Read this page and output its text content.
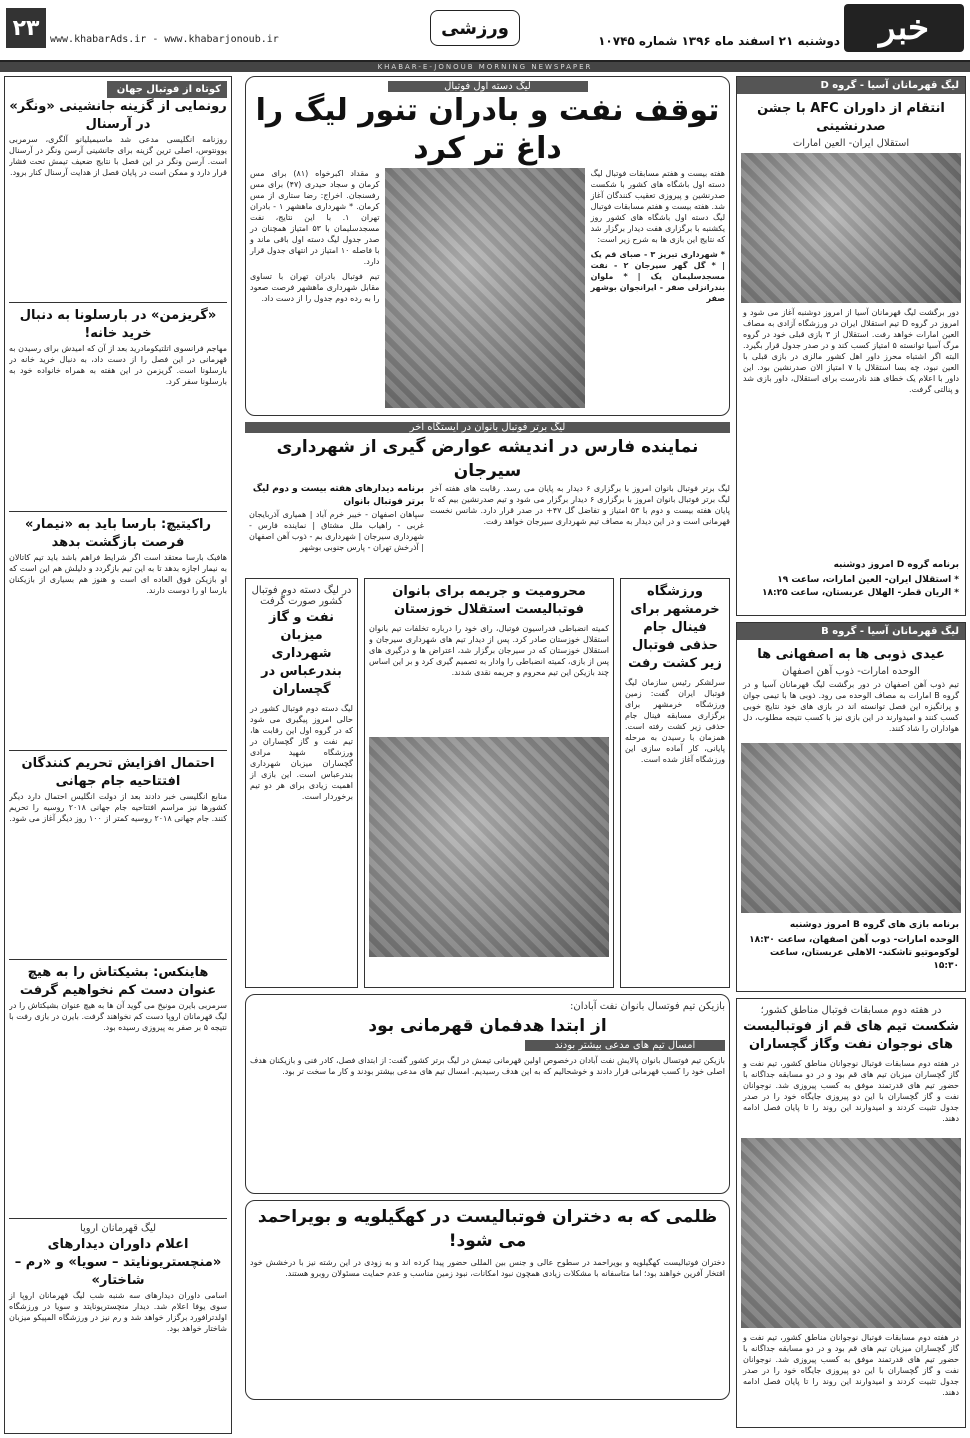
۲۳	www.khabarAds.ir - www.khabarjonoub.ir
ورزشی
دوشنبه ۲۱ اسفند ماه ۱۳۹۶ شماره ۱۰۷۴۵	خبر
KHABAR-E-JONOUB MORNING NEWSPAPER
لیگ قهرمانان آسیا - گروه D
انتقام از داوران AFC با جشن صدرنشینی
استقلال ایران- العین امارات
دور برگشت لیگ قهرمانان آسیا از امروز دوشنبه آغاز می شود و امروز در گروه D تیم استقلال ایران در ورزشگاه آزادی به مصاف العین امارات خواهد رفت. استقلال از ۳ بازی قبلی خود در گروه مرگ آسیا توانسته ۵ امتیاز کسب کند و در صدر جدول قرار بگیرد. البته اگر اشتباه محرز داور اهل کشور مالزی در بازی قبلی با العین نبود، چه بسا استقلال با ۷ امتیاز الان صدرنشین بود. این داور با اعلام یک خطای هند نادرست برای استقلال، داور بازی شد و پنالتی گرفت.
برنامه گروه D امروز دوشنبه
* استقلال ایران- العین امارات، ساعت ۱۹
* الریان قطر- الهلال عربستان، ساعت ۱۸:۲۵
لیگ قهرمانان آسیا - گروه B
عیدی ذوبی ها به اصفهانی ها
الوحده امارات- ذوب آهن اصفهان
تیم ذوب آهن اصفهان در دور برگشت لیگ قهرمانان آسیا و در گروه B امارات به مصاف الوحده می رود. ذوبی ها با تیمی جوان و پرانگیزه این فصل توانسته اند در بازی های خود نتایج خوبی کسب کنند و امیدوارند در این بازی نیز با کسب نتیجه مطلوب، دل هواداران را شاد کنند.
برنامه بازی های گروه B امروز دوشنبه
الوحده امارات- ذوب آهن اصفهان، ساعت ۱۸:۳۰
لوکوموتیو تاشکند- الاهلی عربستان، ساعت ۱۵:۳۰
در هفته دوم مسابقات فوتبال مناطق کشور؛
شکست تیم های قم از فوتبالیست های نوجوان نفت وگاز گچساران
در هفته دوم مسابقات فوتبال نوجوانان مناطق کشور، تیم نفت و گاز گچساران میزبان تیم های قم بود و در دو مسابقه جداگانه با حضور تیم های قدرتمند موفق به کسب پیروزی شد. نوجوانان نفت و گاز گچساران با این دو پیروزی جایگاه خود را در صدر جدول تثبیت کردند و امیدوارند این روند را تا پایان فصل ادامه دهند.
در هفته دوم مسابقات فوتبال نوجوانان مناطق کشور، تیم نفت و گاز گچساران میزبان تیم های قم بود و در دو مسابقه جداگانه با حضور تیم های قدرتمند موفق به کسب پیروزی شد. نوجوانان نفت و گاز گچساران با این دو پیروزی جایگاه خود را در صدر جدول تثبیت کردند و امیدوارند این روند را تا پایان فصل ادامه دهند.
لیگ دسته اول فوتبال
توقف نفت و بادران تنور لیگ را داغ تر کرد
هفته بیست و هفتم مسابقات فوتبال لیگ دسته اول باشگاه های کشور با شکست صدرنشین و پیروزی تعقیب کنندگان آغاز شد. هفته بیست و هفتم مسابقات فوتبال لیگ دسته اول باشگاه های کشور روز یکشنبه با برگزاری هفت دیدار برگزار شد که نتایج این بازی ها به شرح زیر است:
* شهرداری تبریز ۳ - صبای قم یک | * گل گهر سیرجان ۲ - نفت مسجدسلیمان یک | * ملوان بندرانزلی صفر - ایرانجوان بوشهر صفر
و مقداد اکبرخواه (۸۱) برای مس کرمان و سجاد حیدری (۴۷) برای مس رفسنجان. اخراج: رضا ستاری از مس کرمان. * شهرداری ماهشهر ۱ - بادران تهران ۱. با این نتایج، نفت مسجدسلیمان با ۵۳ امتیاز همچنان در صدر جدول لیگ دسته اول باقی ماند و با فاصله ۱۰ امتیاز در انتهای جدول قرار دارد.
تیم فوتبال بادران تهران با تساوی مقابل شهرداری ماهشهر فرصت صعود را به رده دوم جدول را از دست داد.
لیگ برتر فوتبال بانوان در ایستگاه آخر
نماینده فارس در اندیشه عوارض گیری از شهرداری سیرجان
لیگ برتر فوتبال بانوان امروز با برگزاری ۶ دیدار به پایان می رسد. رقابت های هفته آخر لیگ برتر فوتبال بانوان امروز با برگزاری ۶ دیدار برگزار می شود و تیم صدرنشین بیم که تا پایان هفته بیست و دوم با ۵۳ امتیاز و تفاضل گل ۴۷+ در صدر قرار دارد. شانس نخست قهرمانی است و در این دیدار به مصاف تیم شهرداری سیرجان خواهد رفت.
برنامه دیدارهای هفته بیست و دوم لیگ برتر فوتبال بانوان
سپاهان اصفهان - خیبر خرم آباد | همیاری آذربایجان غربی - راهیاب ملل مشتاق | نماینده فارس - شهرداری سیرجان | شهرداری بم - ذوب آهن اصفهان | آذرخش تهران - پارس جنوبی بوشهر
ورزشگاه خرمشهر برای فینال جام حذفی فوتبال زیر کشت رفت
سرلشکر رئیس سازمان لیگ فوتبال ایران گفت: زمین ورزشگاه خرمشهر برای برگزاری مسابقه فینال جام حذفی زیر کشت رفته است. همزمان با رسیدن به مرحله پایانی، کار آماده سازی این ورزشگاه آغاز شده است.
محرومیت و جریمه برای بانوان فوتبالیست استقلال خوزستان
کمیته انضباطی فدراسیون فوتبال، رای خود را درباره تخلفات تیم بانوان استقلال خوزستان صادر کرد. پس از دیدار تیم های شهرداری سیرجان و استقلال خوزستان که در سیرجان برگزار شد، اعتراض ها و درگیری های پس از بازی، کمیته انضباطی را وادار به تصمیم گیری کرد و بر این اساس چند بازیکن این تیم محروم و جریمه نقدی شدند.
در لیگ دسته دوم فوتبال کشور صورت گرفت
نفت و گاز میزبان شهرداری بندرعباس در گچساران
لیگ دسته دوم فوتبال کشور در حالی امروز پیگیری می شود که در گروه اول این رقابت ها، تیم نفت و گاز گچساران در ورزشگاه شهید مرادی گچساران میزبان شهرداری بندرعباس است. این بازی از اهمیت زیادی برای هر دو تیم برخوردار است.
بازیکن تیم فوتسال بانوان نفت آبادان:
از ابتدا هدفمان قهرمانی بود
امسال تیم های مدعی بیشتر بودند
بازیکن تیم فوتسال بانوان پالایش نفت آبادان درخصوص اولین قهرمانی تیمش در لیگ برتر کشور گفت: از ابتدای فصل، کادر فنی و بازیکنان هدف اصلی خود را کسب قهرمانی قرار دادند و خوشحالیم که به این هدف رسیدیم. امسال تیم های مدعی بیشتر بودند و کار ما سخت تر بود.
ظلمی که به دختران فوتبالیست در کهگیلویه و بویراحمد می شود!
دختران فوتبالیست کهگیلویه و بویراحمد در سطوح عالی و جنس بین المللی حضور پیدا کرده اند و به زودی در این رشته نیز با درخشش خود افتخار آفرین خواهند بود؛ اما متاسفانه با مشکلات زیادی همچون نبود امکانات، نبود زمین مناسب و عدم حمایت مسئولان روبرو هستند.
کوتاه از فوتبال جهان
رونمایی از گزینه جانشینی «ونگر» در آرسنال
روزنامه انگلیسی مدعی شد ماسیمیلیانو آلگری، سرمربی یوونتوس، اصلی ترین گزینه برای جانشینی آرسن ونگر در آرسنال است. آرسن ونگر در این فصل با نتایج ضعیف تیمش تحت فشار قرار دارد و ممکن است در پایان فصل از هدایت آرسنال کنار برود.
«گریزمن» در بارسلونا به دنبال خرید خانه!
مهاجم فرانسوی اتلتیکومادرید بعد از آن که امیدش برای رسیدن به قهرمانی در این فصل را از دست داد، به دنبال خرید خانه در بارسلونا است. گریزمن در این هفته به همراه خانواده خود به بارسلونا سفر کرد.
راکیتیچ: بارسا باید به «نیمار» فرصت بازگشت بدهد
هافبک بارسا معتقد است اگر شرایط فراهم باشد باید تیم کاتالان به نیمار اجازه بدهد تا به این تیم بازگردد و دلیلش هم این است که او بازیکن فوق العاده ای است و هنوز هم بسیاری از بازیکنان بارسا او را دوست دارند.
احتمال افزایش تحریم کنندگان افتتاحیه جام جهانی
منابع انگلیسی خبر دادند بعد از دولت انگلیس احتمال دارد دیگر کشورها نیز مراسم افتتاحیه جام جهانی ۲۰۱۸ روسیه را تحریم کنند. جام جهانی ۲۰۱۸ روسیه کمتر از ۱۰۰ روز دیگر آغاز می شود.
هاینکس: بشیکتاش را به هیچ عنوان دست کم نخواهیم گرفت
سرمربی بایرن مونیخ می گوید آن ها به هیچ عنوان بشیکتاش را در لیگ قهرمانان اروپا دست کم نخواهند گرفت. بایرن در بازی رفت با نتیجه ۵ بر صفر به پیروزی رسیده بود.
لیگ قهرمانان اروپا
اعلام داوران دیدارهای «منچستریونایتد – سویا» و «رم – شاختار»
اسامی داوران دیدارهای سه شنبه شب لیگ قهرمانان اروپا از سوی یوفا اعلام شد. دیدار منچستریونایتد و سویا در ورزشگاه اولدترافورد برگزار خواهد شد و رم نیز در ورزشگاه المپیکو میزبان شاختار خواهد بود.
